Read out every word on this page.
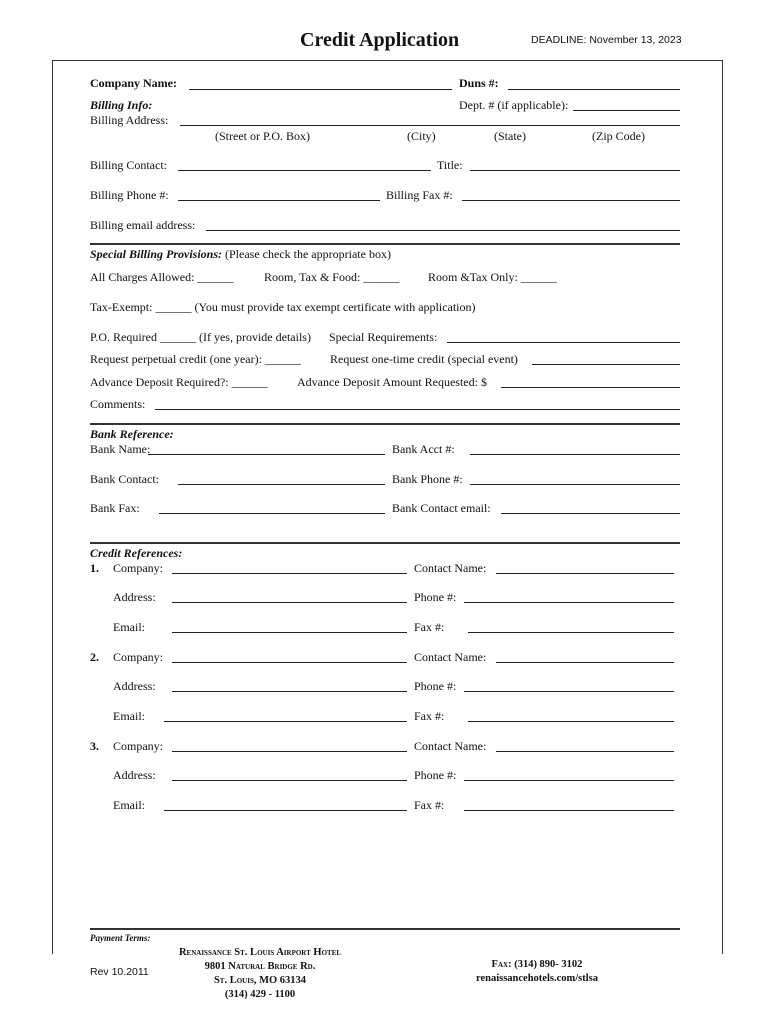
Credit Application	DEADLINE: November 13, 2023
Company Name:	Duns #:
Billing Info:	Dept. # (if applicable):
Billing Address:
(Street or P.O. Box)	(City)	(State)	(Zip Code)
Billing Contact:	Title:
Billing Phone #:	Billing Fax #:
Billing email address:
Special Billing Provisions: (Please check the appropriate box)
All Charges Allowed: ______	Room, Tax & Food: ______ Room &Tax Only: ______
Tax-Exempt: ______ (You must provide tax exempt certificate with application)
P.O. Required ______ (If yes, provide details) Special Requirements:
Request perpetual credit (one year): ______ Request one-time credit (special event)
Advance Deposit Required?: ______ Advance Deposit Amount Requested: $
Comments:
Bank Reference:
Bank Name:	Bank Acct #:
Bank Contact:	Bank Phone #:
Bank Fax:	Bank Contact email:
Credit References:
1. Company:	Contact Name:
Address:	Phone #:
Email:	Fax #:
2. Company:	Contact Name:
Address:	Phone #:
Email:	Fax #:
3. Company:	Contact Name:
Address:	Phone #:
Email:	Fax #:
Payment Terms:
Rev 10.2011
Renaissance St. Louis Airport Hotel
9801 Natural Bridge Rd.
St. Louis, MO 63134
(314) 429 - 1100
Fax: (314) 890- 3102
renaissancehotels.com/stlsa
